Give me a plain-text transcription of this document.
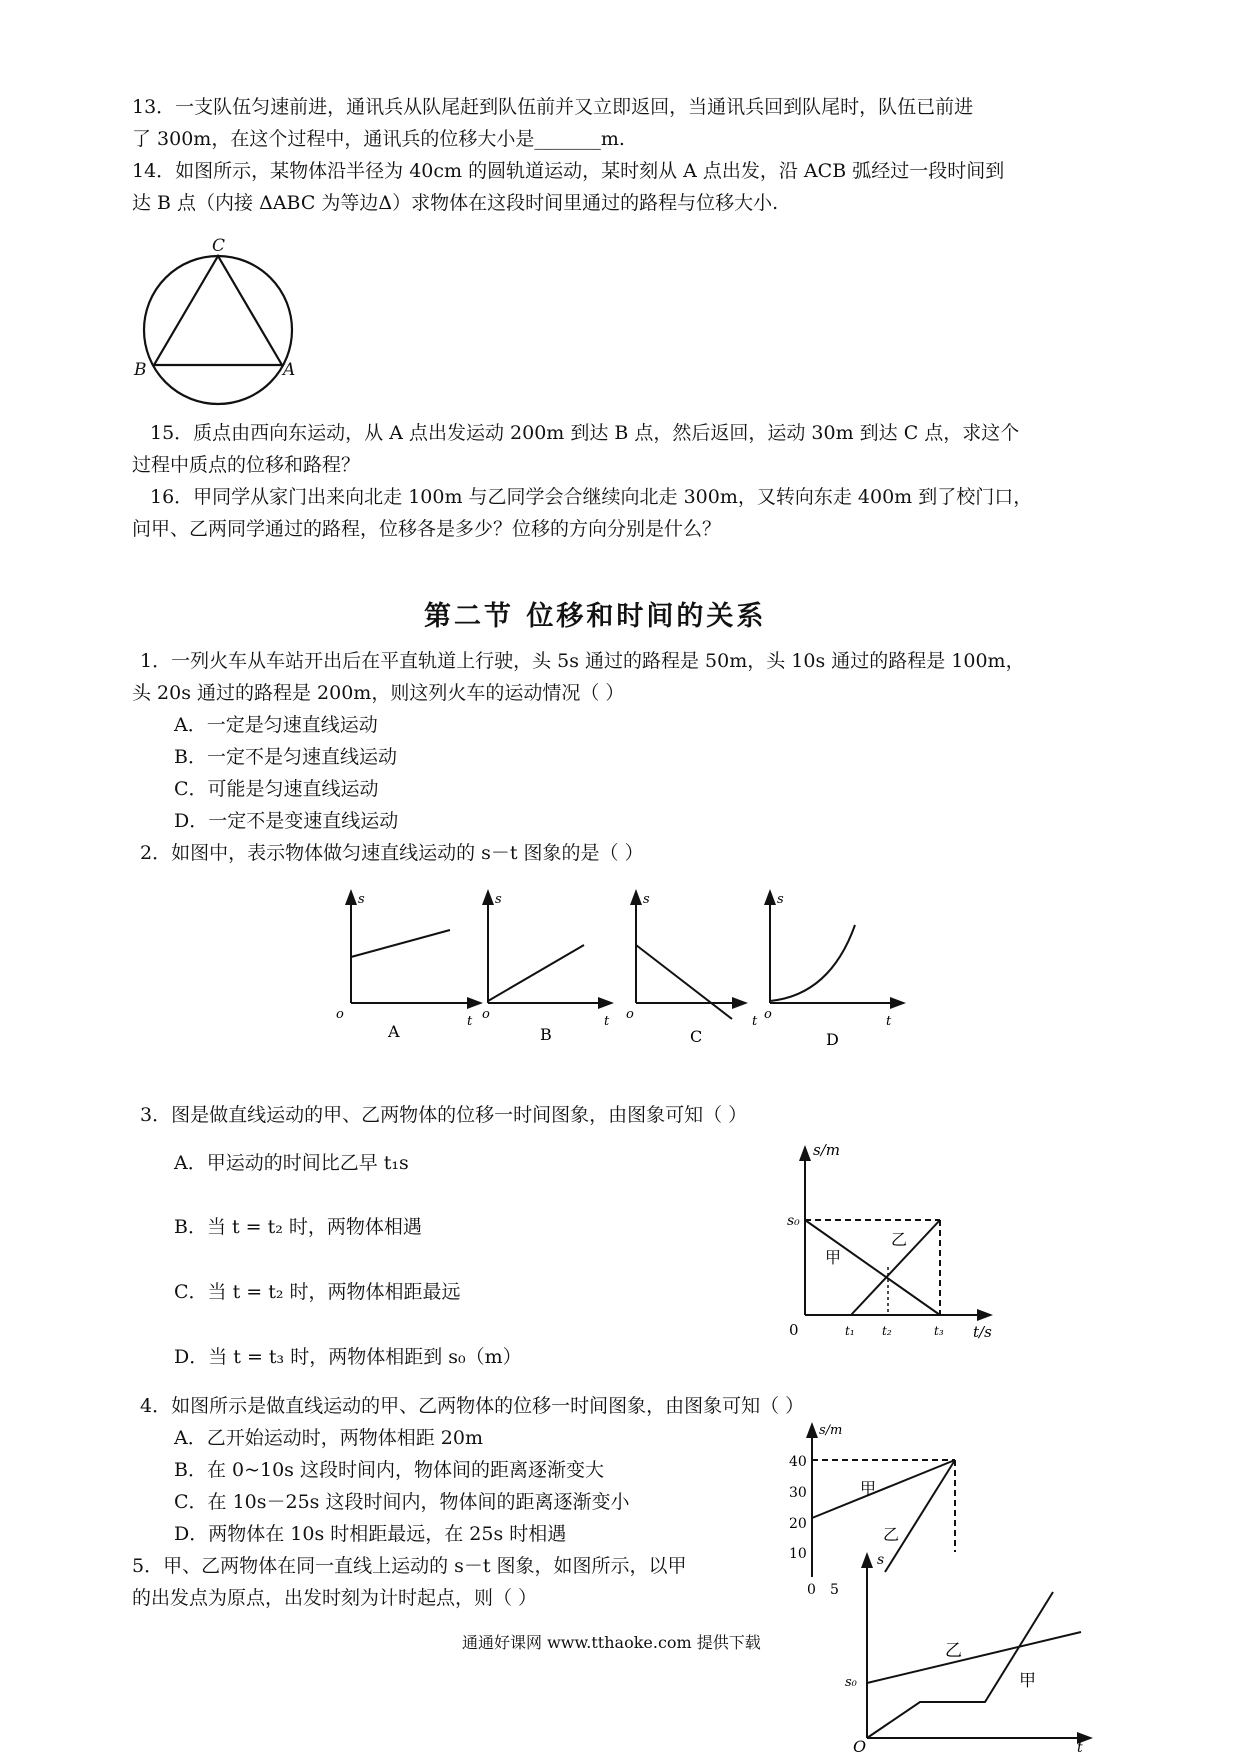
13．一支队伍匀速前进，通讯兵从队尾赶到队伍前并又立即返回，当通讯兵回到队尾时，队伍已前进
了 300m，在这个过程中，通讯兵的位移大小是_______m.
14．如图所示，某物体沿半径为 40cm 的圆轨道运动，某时刻从 A 点出发，沿 ACB 弧经过一段时间到
达 B 点（内接 ΔABC 为等边Δ）求物体在这段时间里通过的路程与位移大小.
C
B	A
15．质点由西向东运动，从 A 点出发运动 200m 到达 B 点，然后返回，运动 30m 到达 C 点，求这个
过程中质点的位移和路程？
16．甲同学从家门出来向北走 100m 与乙同学会合继续向北走 300m，又转向东走 400m 到了校门口，
问甲、乙两同学通过的路程，位移各是多少？位移的方向分别是什么？
第二节 位移和时间的关系
1．一列火车从车站开出后在平直轨道上行驶，头 5s 通过的路程是 50m，头 10s 通过的路程是 100m，
头 20s 通过的路程是 200m，则这列火车的运动情况（ ）
A．一定是匀速直线运动
B．一定不是匀速直线运动
C．可能是匀速直线运动
D．一定不是变速直线运动
2．如图中，表示物体做匀速直线运动的 s－t 图象的是（ ）
s
o	t
A
s
o	t
B
s
o	t
C
s
o	t
D
3．图是做直线运动的甲、乙两物体的位移一时间图象，由图象可知（ ）
A．甲运动的时间比乙早 t₁s
B．当 t = t₂ 时，两物体相遇
C．当 t = t₂ 时，两物体相距最远
D．当 t = t₃ 时，两物体相距到 s₀（m）
s/m
s₀
0	t₁ t₂	t₃ t/s
甲
乙
4．如图所示是做直线运动的甲、乙两物体的位移一时间图象，由图象可知（ ）
A．乙开始运动时，两物体相距 20m
B．在 0~10s 这段时间内，物体间的距离逐渐变大
C．在 10s－25s 这段时间内，物体间的距离逐渐变小
D．两物体在 10s 时相距最远，在 25s 时相遇
s/m
40
30
20
10
0 5
甲
乙
5．甲、乙两物体在同一直线上运动的 s－t 图象，如图所示，以甲
的出发点为原点，出发时刻为计时起点，则（ ）
s
s₀
O	t
乙
甲
通通好课网 www.tthaoke.com 提供下载
